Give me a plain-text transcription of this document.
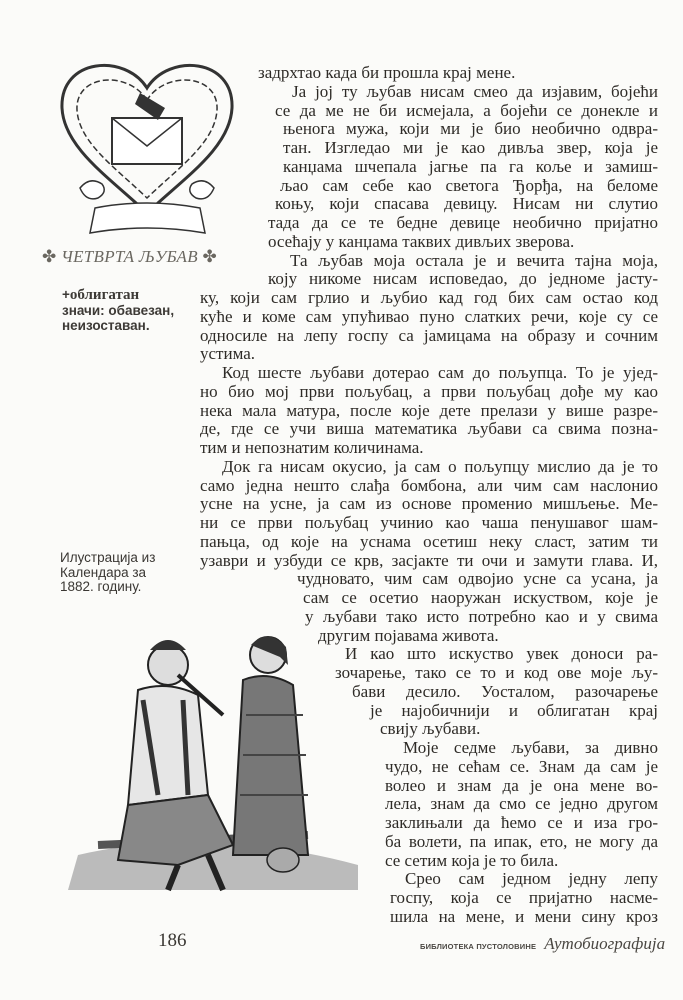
✤ ЧЕТВРТА ЉУБАВ ✤
+облигатан
значи: обавезан,
неизоставан.
Илустрација из
Календара за
1882. годину.
задрхтао када би прошла крај мене.
Ја јој ту љубав нисам смео да изјавим, бојећи
се да ме не би исмејала, а бојећи се донекле и
њенога мужа, који ми је био необично одвра-
тан. Изгледао ми је као дивља звер, која је
канџама шчепала јагње па га коље и замиш-
љао сам себе као светога Ђорђа, на беломе
коњу, који спасава девицу. Нисам ни слутио
тада да се те бедне девице необично пријатно
осећају у канџама таквих дивљих зверова.
Та љубав моја остала је и вечита тајна моја,
коју никоме нисам исповедао, до једноме јасту-
ку, који сам грлио и љубио кад год бих сам остао код
куће и коме сам упућивао пуно слатких речи, које су се
односиле на лепу госпу са јамицама на образу и сочним
устима.
Код шесте љубави дотерао сам до пољупца. То је уjед-
но био мој први пољубац, а први пољубац дође му као
нека мала матура, после које дете прелази у више разре-
де, где се учи виша математика љубави са свима позна-
тим и непознатим количинама.
Док га нисам окусио, ја сам о пољупцу мислио да је то
само једна нешто слађа бомбона, али чим сам наслонио
усне на усне, ја сам из основе променио мишљење. Ме-
ни се први пољубац учинио као чаша пенушавог шам-
пањца, од које на уснама осетиш неку сласт, затим ти
узаври и узбуди се крв, засјакте ти очи и замути глава. И,
чудновато, чим сам одвојио усне са усана, ја
сам се осетио наоружан искуством, које је
у љубави тако исто потребно као и у свима
другим појавама живота.
И као што искуство увек доноси ра-
зочарење, тако се то и код ове моје љу-
бави десило. Уосталом, разочарење
је најобичнији и облигатан крај
свију љубави.
Моје седме љубави, за дивно
чудо, не сећам се. Знам да сам је
волео и знам да је она мене во-
лела, знам да смо се једно другом
заклињали да ћемо се и иза гро-
ба волети, па ипак, ето, не могу да
се сетим која је то била.
Срео сам једном једну лепу
госпу, која се пријатно насме-
шила на мене, и мени сину кроз
186	БИБЛИОТЕКА ПУСТОЛОВИНЕ Аутобиографија
